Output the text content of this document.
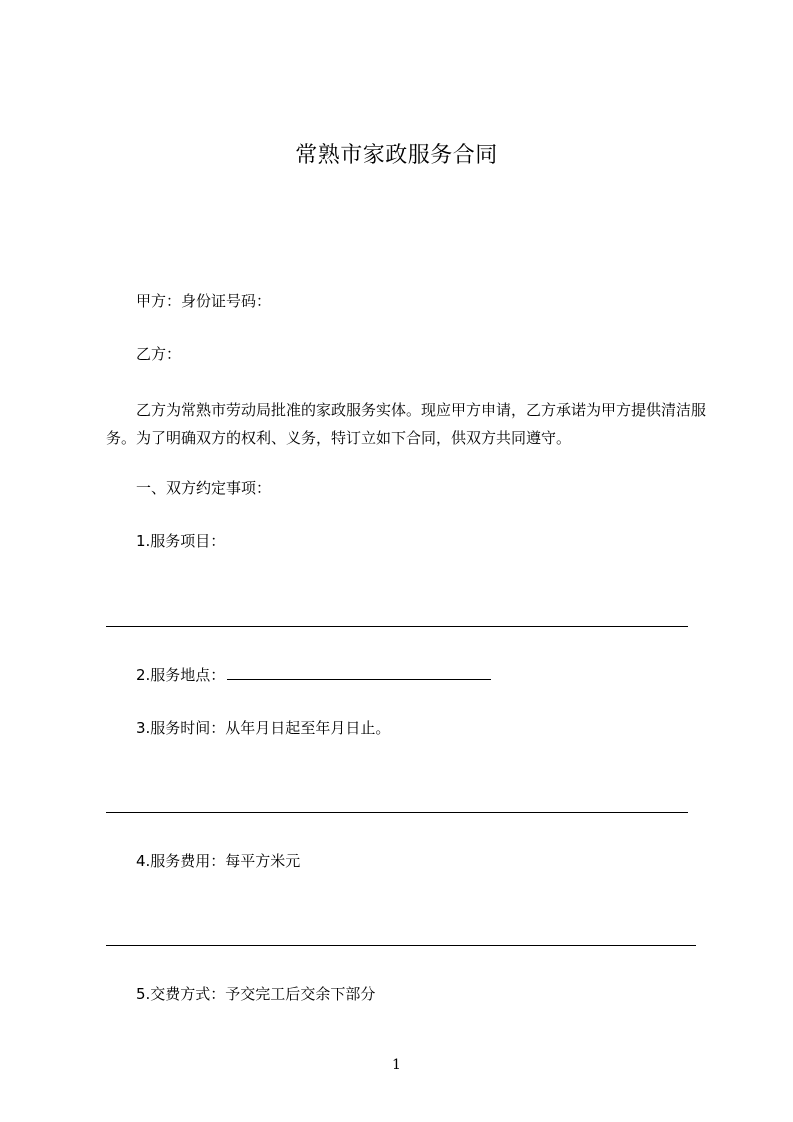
常熟市家政服务合同
甲方：身份证号码：
乙方：
乙方为常熟市劳动局批准的家政服务实体。现应甲方申请，乙方承诺为甲方提供清洁服务。为了明确双方的权利、义务，特订立如下合同，供双方共同遵守。
一、双方约定事项：
1.服务项目：
2.服务地点：
3.服务时间：从年月日起至年月日止。
4.服务费用：每平方米元
5.交费方式：予交完工后交余下部分
1
